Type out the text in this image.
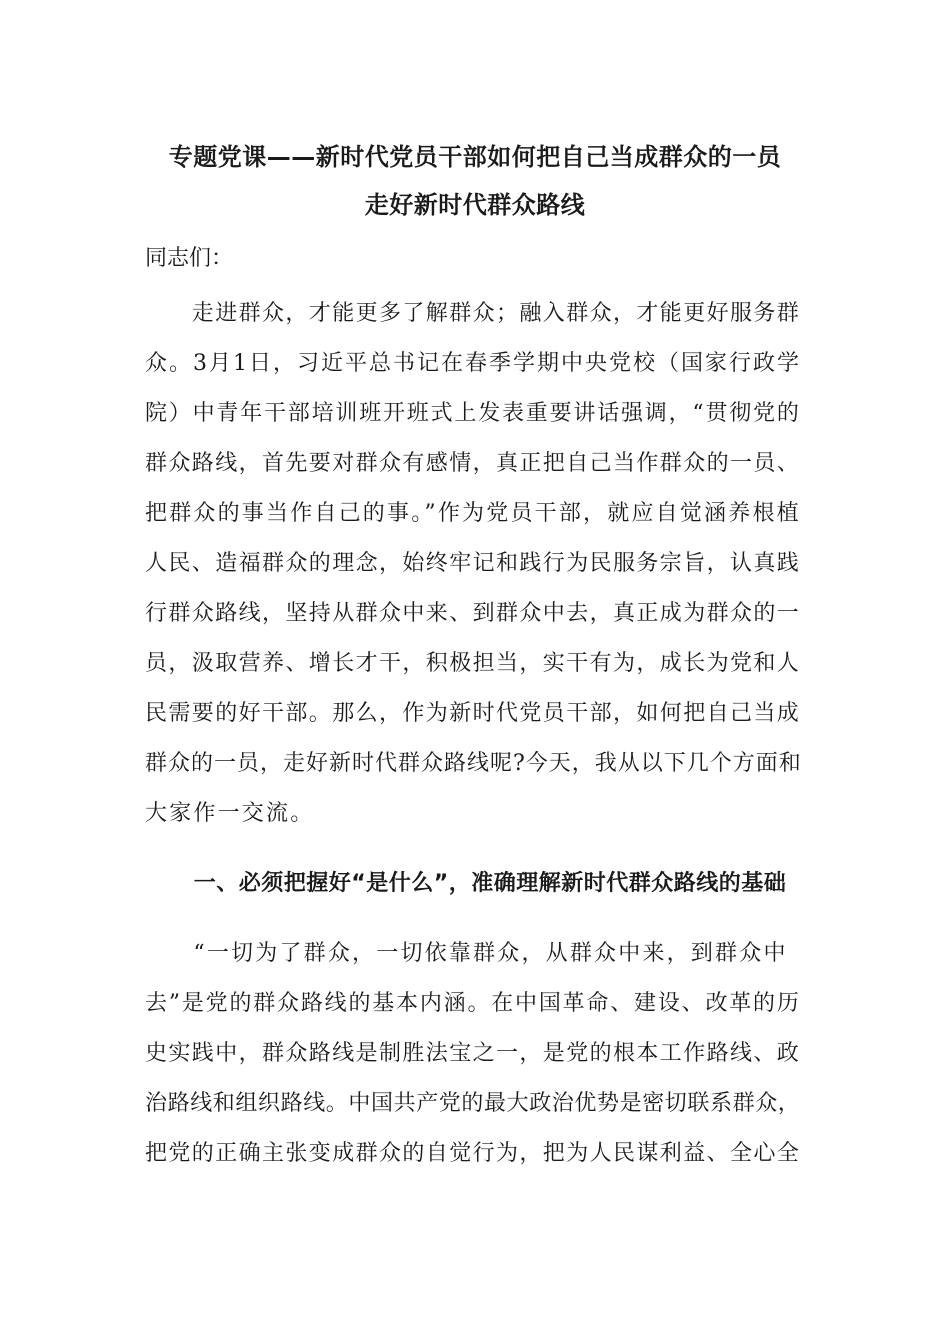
专题党课——新时代党员干部如何把自己当成群众的一员
走好新时代群众路线

同志们：

　　走进群众，才能更多了解群众；融入群众，才能更好服务群

众。3月1日，习近平总书记在春季学期中央党校（国家行政学

院）中青年干部培训班开班式上发表重要讲话强调，“贯彻党的

群众路线，首先要对群众有感情，真正把自己当作群众的一员、

把群众的事当作自己的事。”作为党员干部，就应自觉涵养根植

人民、造福群众的理念，始终牢记和践行为民服务宗旨，认真践

行群众路线，坚持从群众中来、到群众中去，真正成为群众的一

员，汲取营养、增长才干，积极担当，实干有为，成长为党和人

民需要的好干部。那么，作为新时代党员干部，如何把自己当成

群众的一员，走好新时代群众路线呢?今天，我从以下几个方面和

大家作一交流。

一、必须把握好“是什么”，准确理解新时代群众路线的基础

　　“一切为了群众，一切依靠群众，从群众中来，到群众中

去”是党的群众路线的基本内涵。在中国革命、建设、改革的历

史实践中，群众路线是制胜法宝之一，是党的根本工作路线、政

治路线和组织路线。中国共产党的最大政治优势是密切联系群众，

把党的正确主张变成群众的自觉行为，把为人民谋利益、全心全
